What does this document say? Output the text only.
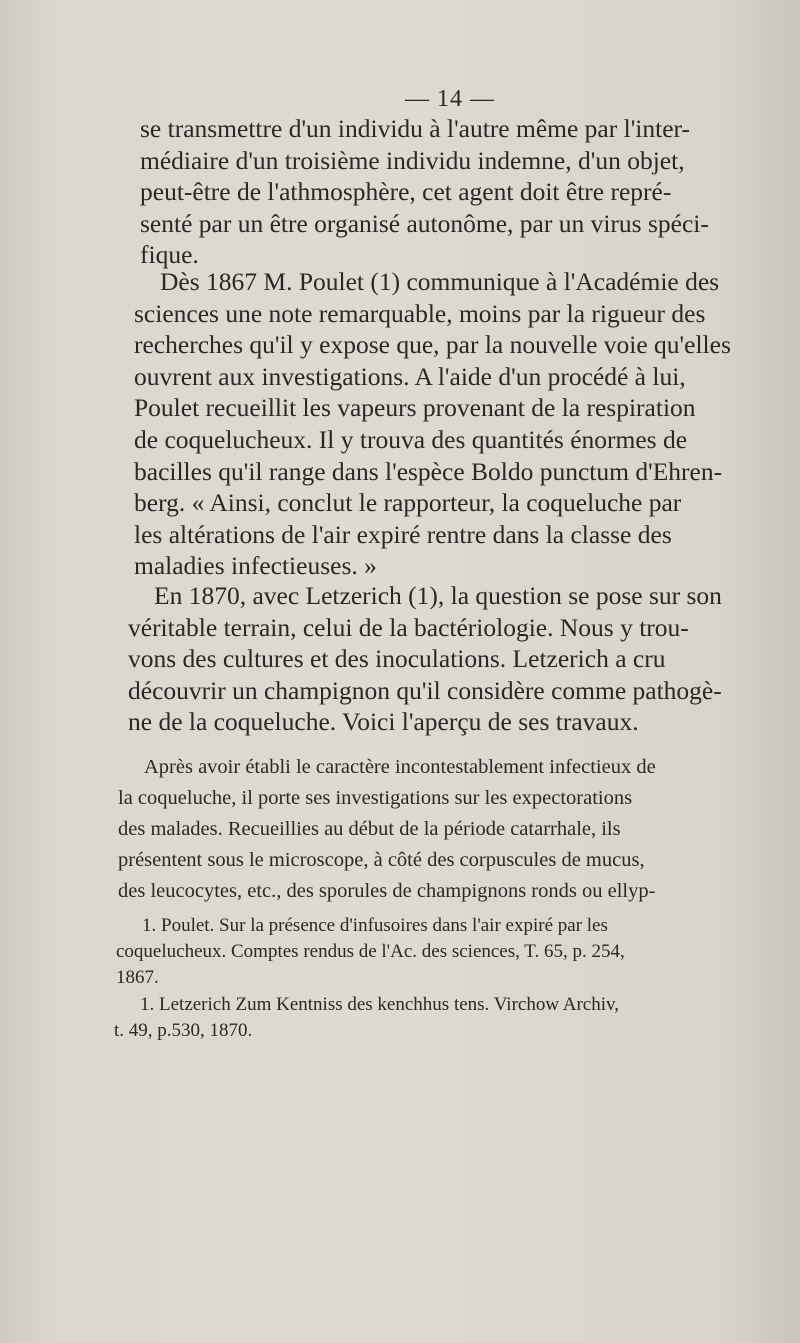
— 14 —

se transmettre d'un individu à l'autre même par l'inter-
médiaire d'un troisième individu indemne, d'un objet,
peut-être de l'athmosphère, cet agent doit être repré-
senté par un être organisé autonôme, par un virus spéci-
fique.

Dès 1867 M. Poulet (1) communique à l'Académie des
sciences une note remarquable, moins par la rigueur des
recherches qu'il y expose que, par la nouvelle voie qu'elles
ouvrent aux investigations. A l'aide d'un procédé à lui,
Poulet recueillit les vapeurs provenant de la respiration
de coquelucheux. Il y trouva des quantités énormes de
bacilles qu'il range dans l'espèce Boldo punctum d'Ehren-
berg. « Ainsi, conclut le rapporteur, la coqueluche par
les altérations de l'air expiré rentre dans la classe des
maladies infectieuses. »

En 1870, avec Letzerich (1), la question se pose sur son
véritable terrain, celui de la bactériologie. Nous y trou-
vons des cultures et des inoculations. Letzerich a cru
découvrir un champignon qu'il considère comme pathogè-
ne de la coqueluche. Voici l'aperçu de ses travaux.

Après avoir établi le caractère incontestablement infectieux de
la coqueluche, il porte ses investigations sur les expectorations
des malades. Recueillies au début de la période catarrhale, ils
présentent sous le microscope, à côté des corpuscules de mucus,
des leucocytes, etc., des sporules de champignons ronds ou ellyp-

1. Poulet. Sur la présence d'infusoires dans l'air expiré par les
coquelucheux. Comptes rendus de l'Ac. des sciences, T. 65, p. 254,
1867.

1. Letzerich Zum Kentniss des kenchhus tens. Virchow Archiv,
t. 49, p.530, 1870.
